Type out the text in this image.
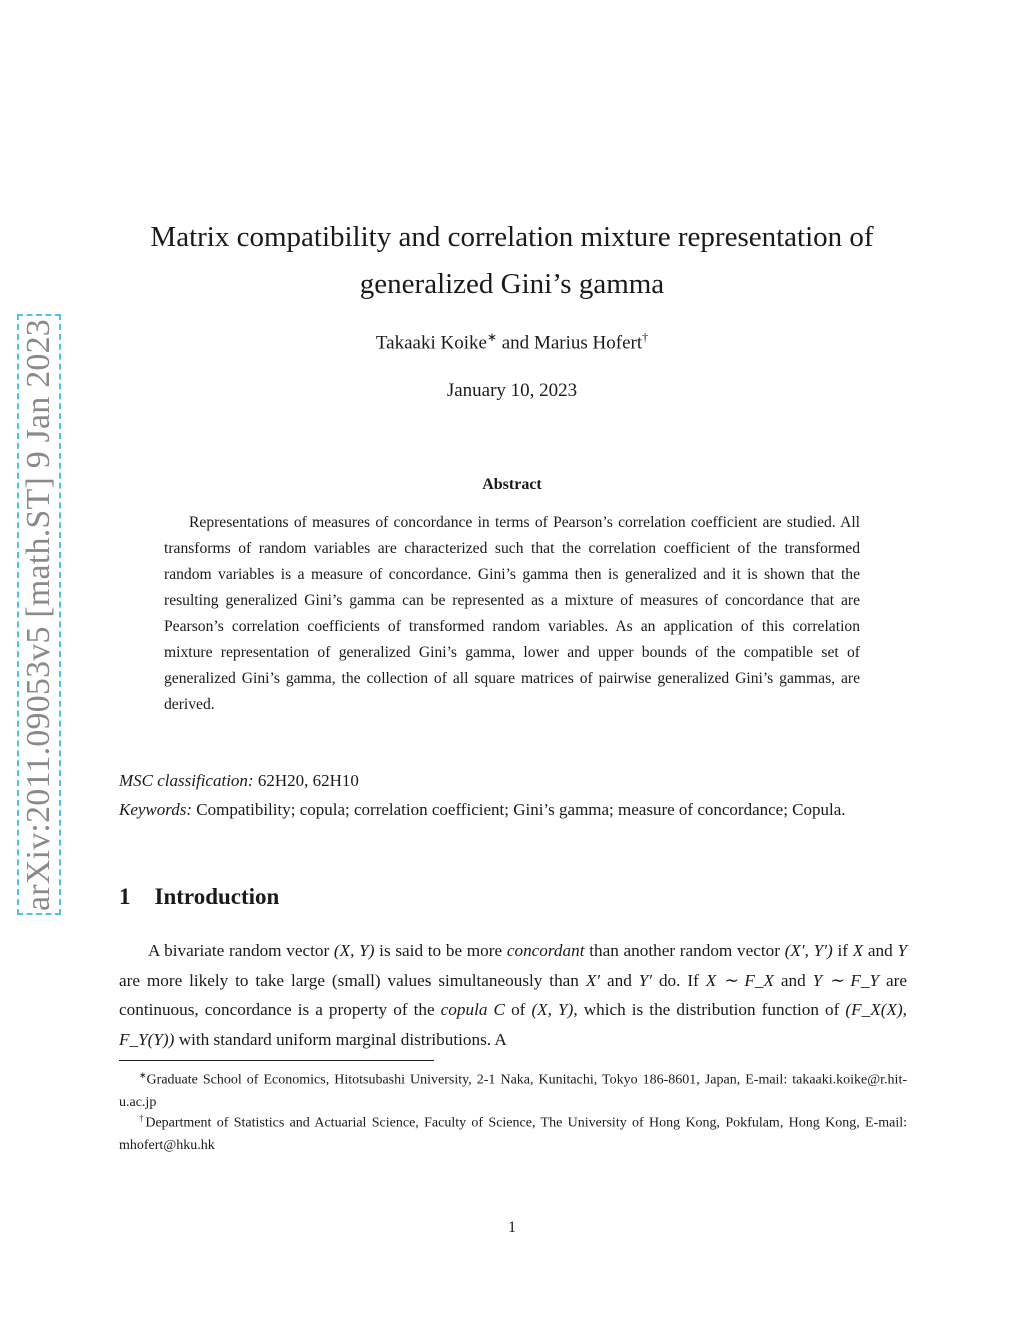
arXiv:2011.09053v5 [math.ST] 9 Jan 2023
Matrix compatibility and correlation mixture representation of generalized Gini’s gamma
Takaaki Koike∗ and Marius Hofert†
January 10, 2023
Abstract

Representations of measures of concordance in terms of Pearson’s correlation coefficient are studied. All transforms of random variables are characterized such that the correlation coefficient of the transformed random variables is a measure of concordance. Gini’s gamma then is generalized and it is shown that the resulting generalized Gini’s gamma can be represented as a mixture of measures of concordance that are Pearson’s correlation coefficients of transformed random variables. As an application of this correlation mixture representation of generalized Gini’s gamma, lower and upper bounds of the compatible set of generalized Gini’s gamma, the collection of all square matrices of pairwise generalized Gini’s gammas, are derived.

MSC classification: 62H20, 62H10

Keywords: Compatibility; copula; correlation coefficient; Gini’s gamma; measure of concordance; Copula.

1 Introduction

A bivariate random vector (X, Y) is said to be more concordant than another random vector (X′, Y′) if X and Y are more likely to take large (small) values simultaneously than X′ and Y′ do. If X ∼ F_X and Y ∼ F_Y are continuous, concordance is a property of the copula C of (X, Y), which is the distribution function of (F_X(X), F_Y(Y)) with standard uniform marginal distributions. A

∗Graduate School of Economics, Hitotsubashi University, 2-1 Naka, Kunitachi, Tokyo 186-8601, Japan, E-mail: takaaki.koike@r.hit-u.ac.jp

†Department of Statistics and Actuarial Science, Faculty of Science, The University of Hong Kong, Pokfulam, Hong Kong, E-mail: mhofert@hku.hk

1
